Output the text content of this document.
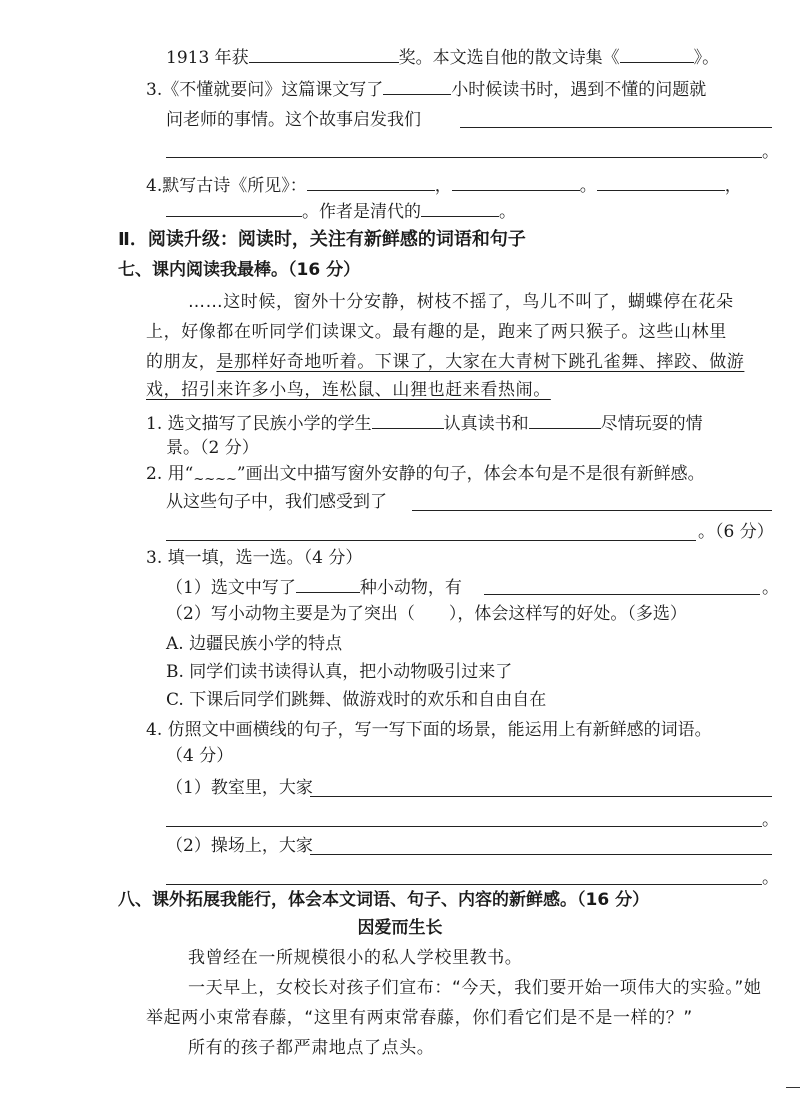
1913 年获	奖。本文选自他的散文诗集《	》。
3.《不懂就要问》这篇课文写了	小时候读书时，遇到不懂的问题就
问老师的事情。这个故事启发我们
。
4.默写古诗《所见》：	，	。	，
。作者是清代的	。
Ⅱ．阅读升级：阅读时，关注有新鲜感的词语和句子
七、课内阅读我最棒。（16 分）
……这时候，窗外十分安静，树枝不摇了，鸟儿不叫了，蝴蝶停在花朵
上，好像都在听同学们读课文。最有趣的是，跑来了两只猴子。这些山林里
的朋友，是那样好奇地听着。下课了，大家在大青树下跳孔雀舞、摔跤、做游
戏，招引来许多小鸟，连松鼠、山狸也赶来看热闹。
1. 选文描写了民族小学的学生	认真读书和	尽情玩耍的情
景。（2 分）
2. 用“$_{\sim\sim\sim\sim}$”画出文中描写窗外安静的句子，体会本句是不是很有新鲜感。
从这些句子中，我们感受到了
。（6 分）
3. 填一填，选一选。（4 分）
（1）选文中写了	种小动物，有	。
（2）写小动物主要是为了突出（　　），体会这样写的好处。（多选）
A. 边疆民族小学的特点
B. 同学们读书读得认真，把小动物吸引过来了
C. 下课后同学们跳舞、做游戏时的欢乐和自由自在
4. 仿照文中画横线的句子，写一写下面的场景，能运用上有新鲜感的词语。
（4 分）
（1）教室里，大家
。
（2）操场上，大家
。
八、课外拓展我能行，体会本文词语、句子、内容的新鲜感。（16 分）
因爱而生长
我曾经在一所规模很小的私人学校里教书。
一天早上，女校长对孩子们宣布：“今天，我们要开始一项伟大的实验。”她
举起两小束常春藤，“这里有两束常春藤，你们看它们是不是一样的？”
所有的孩子都严肃地点了点头。
